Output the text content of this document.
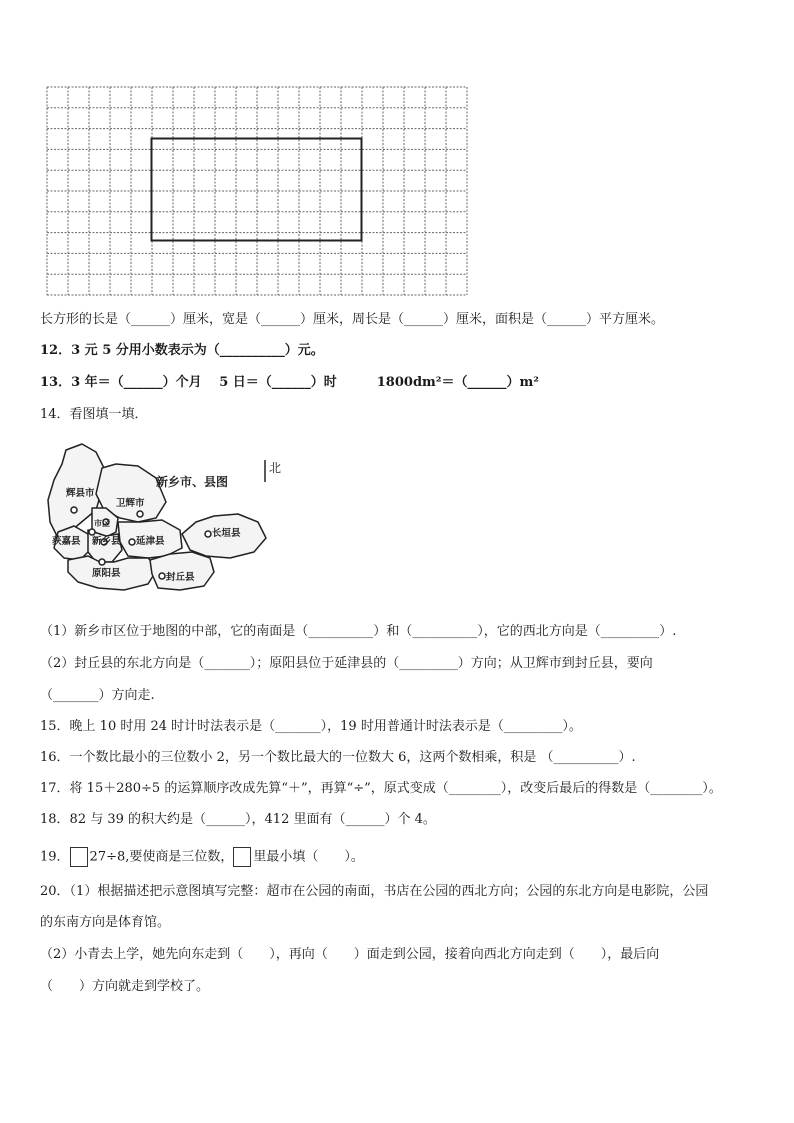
长方形的长是（______）厘米，宽是（______）厘米，周长是（______）厘米，面积是（______）平方厘米。
12．3 元 5 分用小数表示为（__________）元。
13．3 年＝（______）个月　 5 日＝（______）时	1800dm²＝（______）m²
14．看图填一填．
新乡市、县图
辉县市
卫辉市
市区
获嘉县 新乡县 延津县
长垣县
原阳县	封丘县
北
（1）新乡市区位于地图的中部，它的南面是（__________）和（__________），它的西北方向是（_________）.
（2）封丘县的东北方向是（_______）；原阳县位于延津县的（_________）方向；从卫辉市到封丘县，要向
（_______）方向走.
15．晚上 10 时用 24 时计时法表示是（_______），19 时用普通计时法表示是（_________）。
16．一个数比最小的三位数小 2，另一个数比最大的一位数大 6，这两个数相乘，积是 （__________）.
17．将 15＋280÷5 的运算顺序改成先算“＋”，再算“÷”，原式变成（________），改变后最后的得数是（________）。
18．82 与 39 的积大约是（______），412 里面有（______）个 4。
19． 27÷8,要使商是三位数， 里最小填（　　）。
20．（1）根据描述把示意图填写完整：超市在公园的南面，书店在公园的西北方向；公园的东北方向是电影院，公园
的东南方向是体育馆。
（2）小青去上学，她先向东走到（　　），再向（　　）面走到公园，接着向西北方向走到（　　），最后向
（　　）方向就走到学校了。
